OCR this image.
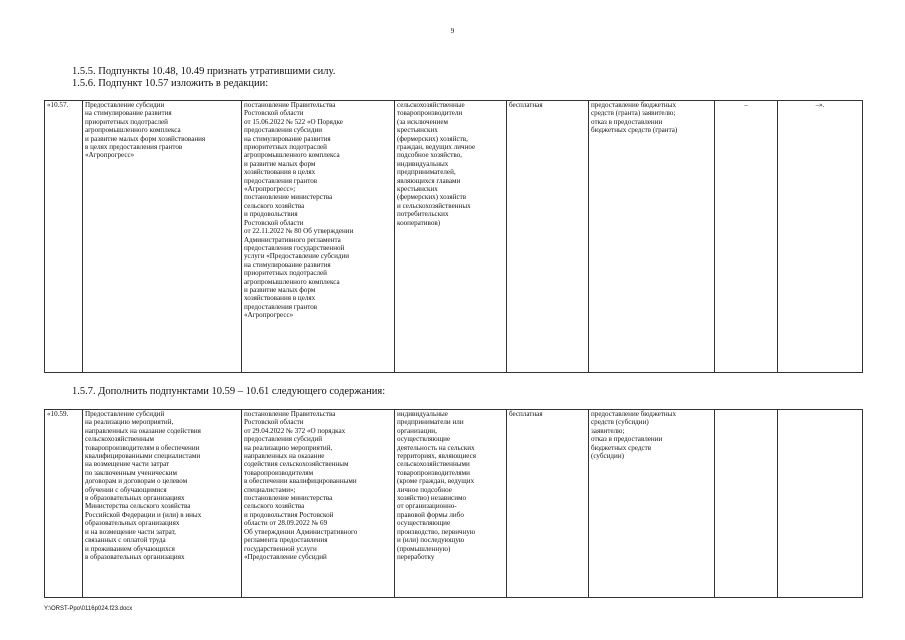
9
1.5.5. Подпункты 10.48, 10.49 признать утратившими силу.
1.5.6. Подпункт 10.57 изложить в редакции:
«10.57.	Предоставление субсидии
на стимулирование развития
приоритетных подотраслей
агропромышленного комплекса
и развитие малых форм хозяйствования
в целях предоставления грантов
«Агропрогресс»	постановление Правительства
Ростовской области
от 15.06.2022 № 522 «О Порядке
предоставления субсидии
на стимулирование развития
приоритетных подотраслей
агропромышленного комплекса
и развитие малых форм
хозяйствования в целях
предоставления грантов
«Агропрогресс»;
постановление министерства
сельского хозяйства
и продовольствия
Ростовской области
от 22.11.2022 № 80 Об утверждении
Административного регламента
предоставления государственной
услуги «Предоставление субсидии
на стимулирование развития
приоритетных подотраслей
агропромышленного комплекса
и развитие малых форм
хозяйствования в целях
предоставления грантов
«Агропрогресс»	сельскохозяйственные
товаропроизводители
(за исключением
крестьянских
(фермерских) хозяйств,
граждан, ведущих личное
подсобное хозяйство,
индивидуальных
предпринимателей,
являющихся главами
крестьянских
(фермерских) хозяйств
и сельскохозяйственных
потребительских
кооперативов)	бесплатная	предоставление бюджетных
средств (гранта) заявителю;
отказ в предоставлении
бюджетных средств (гранта)	–	–».
1.5.7. Дополнить подпунктами 10.59 – 10.61 следующего содержания:
«10.59.	Предоставление субсидий
на реализацию мероприятий,
направленных на оказание содействия
сельскохозяйственным
товаропроизводителям в обеспечении
квалифицированными специалистами
на возмещение части затрат
по заключенным ученическим
договорам и договорам о целевом
обучении с обучающимися
в образовательных организациях
Министерства сельского хозяйства
Российской Федерации и (или) в иных
образовательных организациях
и на возмещение части затрат,
связанных с оплатой труда
и проживанием обучающихся
в образовательных организациях	постановление Правительства
Ростовской области
от 29.04.2022 № 372 «О порядках
предоставления субсидий
на реализацию мероприятий,
направленных на оказание
содействия сельскохозяйственным
товаропроизводителям
в обеспечении квалифицированными
специалистами»;
постановление министерства
сельского хозяйства
и продовольствия Ростовской
области от 28.09.2022 № 69
Об утверждении Административного
регламента предоставления
государственной услуги
«Предоставление субсидий	индивидуальные
предприниматели или
организации,
осуществляющие
деятельность на сельских
территориях, являющиеся
сельскохозяйственными
товаропроизводителями
(кроме граждан, ведущих
личное подсобное
хозяйство) независимо
от организационно-
правовой формы либо
осуществляющие
производство, первичную
и (или) последующую
(промышленную)
переработку	бесплатная	предоставление бюджетных
средств (субсидии)
заявителю;
отказ в предоставлении
бюджетных средств
(субсидии)		
Y:\ORST-Ppo\0116p024.f23.docx
